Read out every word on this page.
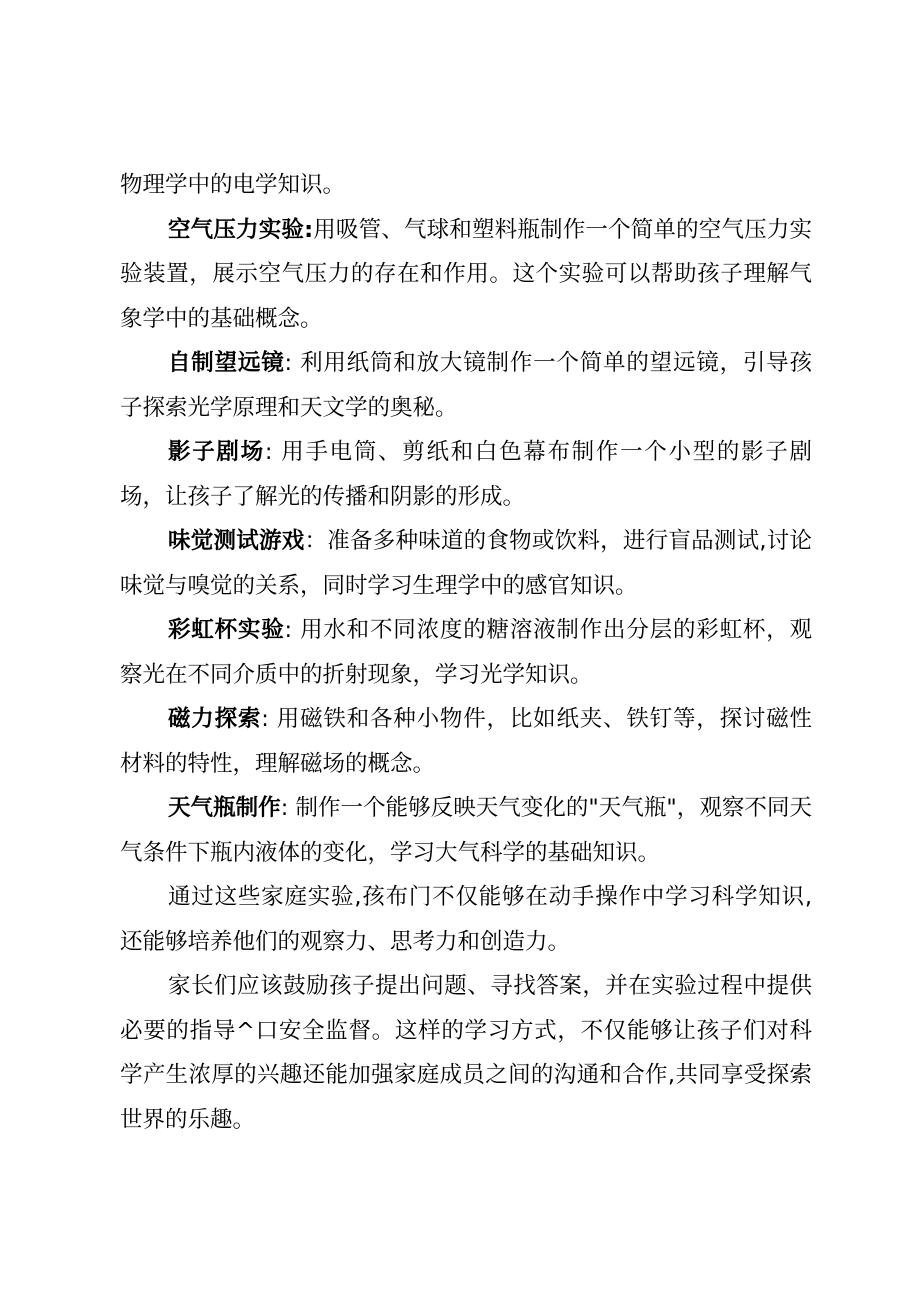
物理学中的电学知识。

空气压力实验:用吸管、气球和塑料瓶制作一个简单的空气压力实验装置，展示空气压力的存在和作用。这个实验可以帮助孩子理解气象学中的基础概念。

自制望远镜: 利用纸筒和放大镜制作一个简单的望远镜，引导孩子探索光学原理和天文学的奥秘。

影子剧场: 用手电筒、剪纸和白色幕布制作一个小型的影子剧场，让孩子了解光的传播和阴影的形成。

味觉测试游戏：准备多种味道的食物或饮料，进行盲品测试,讨论味觉与嗅觉的关系，同时学习生理学中的感官知识。

彩虹杯实验: 用水和不同浓度的糖溶液制作出分层的彩虹杯，观察光在不同介质中的折射现象，学习光学知识。

磁力探索: 用磁铁和各种小物件，比如纸夹、铁钉等，探讨磁性材料的特性，理解磁场的概念。

天气瓶制作: 制作一个能够反映天气变化的"天气瓶"，观察不同天气条件下瓶内液体的变化，学习大气科学的基础知识。

通过这些家庭实验,孩布门不仅能够在动手操作中学习科学知识,还能够培养他们的观察力、思考力和创造力。

家长们应该鼓励孩子提出问题、寻找答案，并在实验过程中提供必要的指导^口安全监督。这样的学习方式，不仅能够让孩子们对科学产生浓厚的兴趣还能加强家庭成员之间的沟通和合作,共同享受探索世界的乐趣。
